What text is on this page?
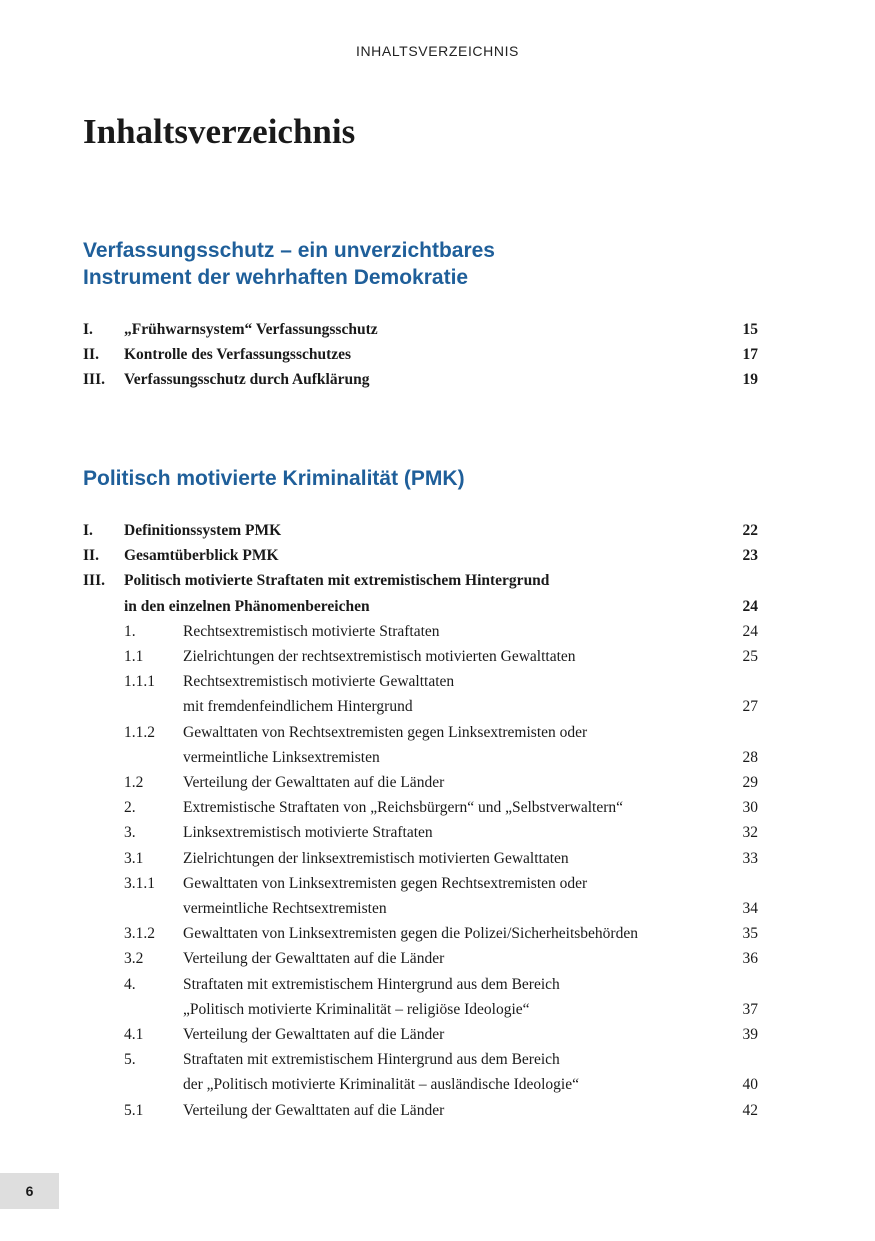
INHALTSVERZEICHNIS
Inhaltsverzeichnis
Verfassungsschutz – ein unverzichtbares
Instrument der wehrhaften Demokratie
I.	„Frühwarnsystem“ Verfassungsschutz	15
II.	Kontrolle des Verfassungsschutzes	17
III.	Verfassungsschutz durch Aufklärung	19
Politisch motivierte Kriminalität (PMK)
I.	Definitionssystem PMK	22
II.	Gesamtüberblick PMK	23
III.	Politisch motivierte Straftaten mit extremistischem Hintergrund
in den einzelnen Phänomenbereichen	24
1.	Rechtsextremistisch motivierte Straftaten	24
1.1	Zielrichtungen der rechtsextremistisch motivierten Gewalttaten	25
1.1.1	Rechtsextremistisch motivierte Gewalttaten
mit fremdenfeindlichem Hintergrund	27
1.1.2	Gewalttaten von Rechtsextremisten gegen Linksextremisten oder
vermeintliche Linksextremisten	28
1.2	Verteilung der Gewalttaten auf die Länder	29
2.	Extremistische Straftaten von „Reichsbürgern“ und „Selbstverwaltern“	30
3.	Linksextremistisch motivierte Straftaten	32
3.1	Zielrichtungen der linksextremistisch motivierten Gewalttaten	33
3.1.1	Gewalttaten von Linksextremisten gegen Rechtsextremisten oder
vermeintliche Rechtsextremisten	34
3.1.2	Gewalttaten von Linksextremisten gegen die Polizei/Sicherheitsbehörden	35
3.2	Verteilung der Gewalttaten auf die Länder	36
4.	Straftaten mit extremistischem Hintergrund aus dem Bereich
„Politisch motivierte Kriminalität – religiöse Ideologie“	37
4.1	Verteilung der Gewalttaten auf die Länder	39
5.	Straftaten mit extremistischem Hintergrund aus dem Bereich
der „Politisch motivierte Kriminalität – ausländische Ideologie“	40
5.1	Verteilung der Gewalttaten auf die Länder	42
6
